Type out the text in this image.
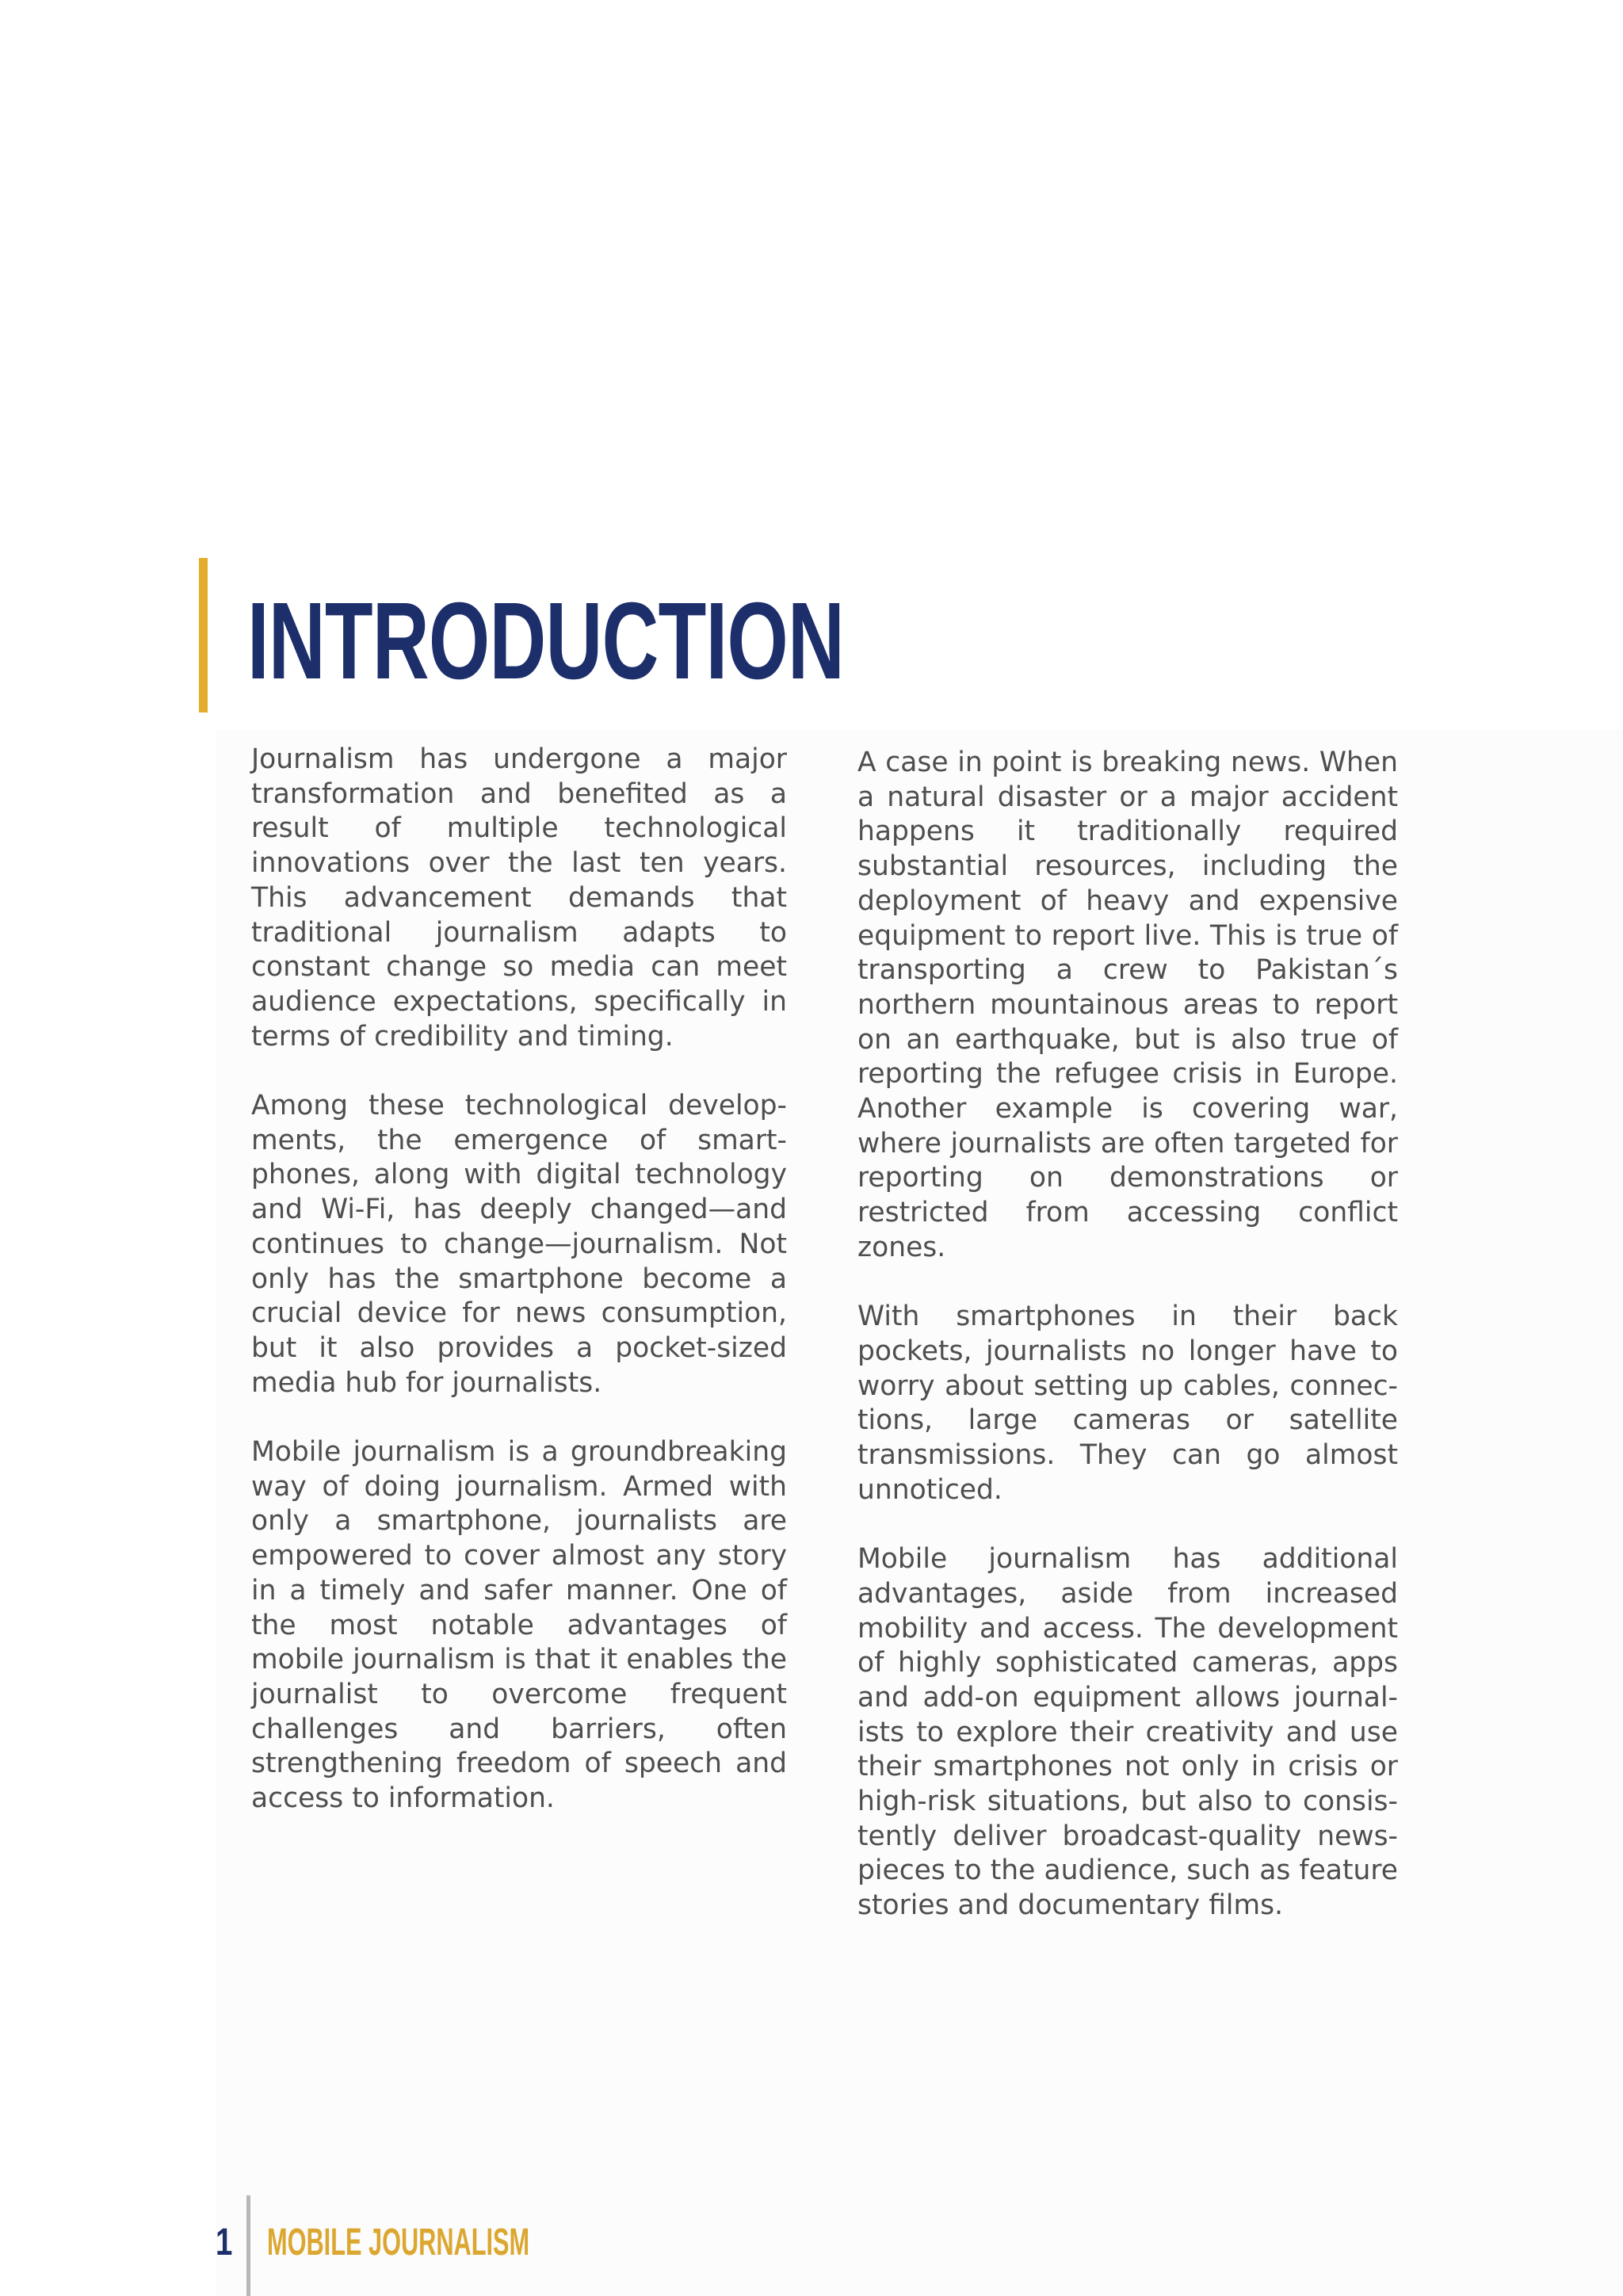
INTRODUCTION

Journalism has undergone a major transformation and benefited as a result of multiple technological innovations over the last ten years. This advancement demands that traditional journalism adapts to constant change so media can meet audience expectations, specifically in terms of credibility and timing.

Among these technological developments, the emergence of smartphones, along with digital technology and Wi-Fi, has deeply changed—and continues to change—journalism. Not only has the smartphone become a crucial device for news consumption, but it also provides a pocket-sized media hub for journalists.

Mobile journalism is a groundbreaking way of doing journalism. Armed with only a smartphone, journalists are empowered to cover almost any story in a timely and safer manner. One of the most notable advantages of mobile journalism is that it enables the journalist to overcome frequent challenges and barriers, often strengthening freedom of speech and access to information.

A case in point is breaking news. When a natural disaster or a major accident happens it traditionally required substantial resources, including the deployment of heavy and expensive equipment to report live. This is true of transporting a crew to Pakistan´s northern mountainous areas to report on an earthquake, but is also true of reporting the refugee crisis in Europe. Another example is covering war, where journalists are often targeted for reporting on demonstrations or restricted from accessing conflict zones.

With smartphones in their back pockets, journalists no longer have to worry about setting up cables, connections, large cameras or satellite transmissions. They can go almost unnoticed.

Mobile journalism has additional advantages, aside from increased mobility and access. The development of highly sophisticated cameras, apps and add-on equipment allows journalists to explore their creativity and use their smartphones not only in crisis or high-risk situations, but also to consistently deliver broadcast-quality news-pieces to the audience, such as feature stories and documentary films.

1 MOBILE JOURNALISM
